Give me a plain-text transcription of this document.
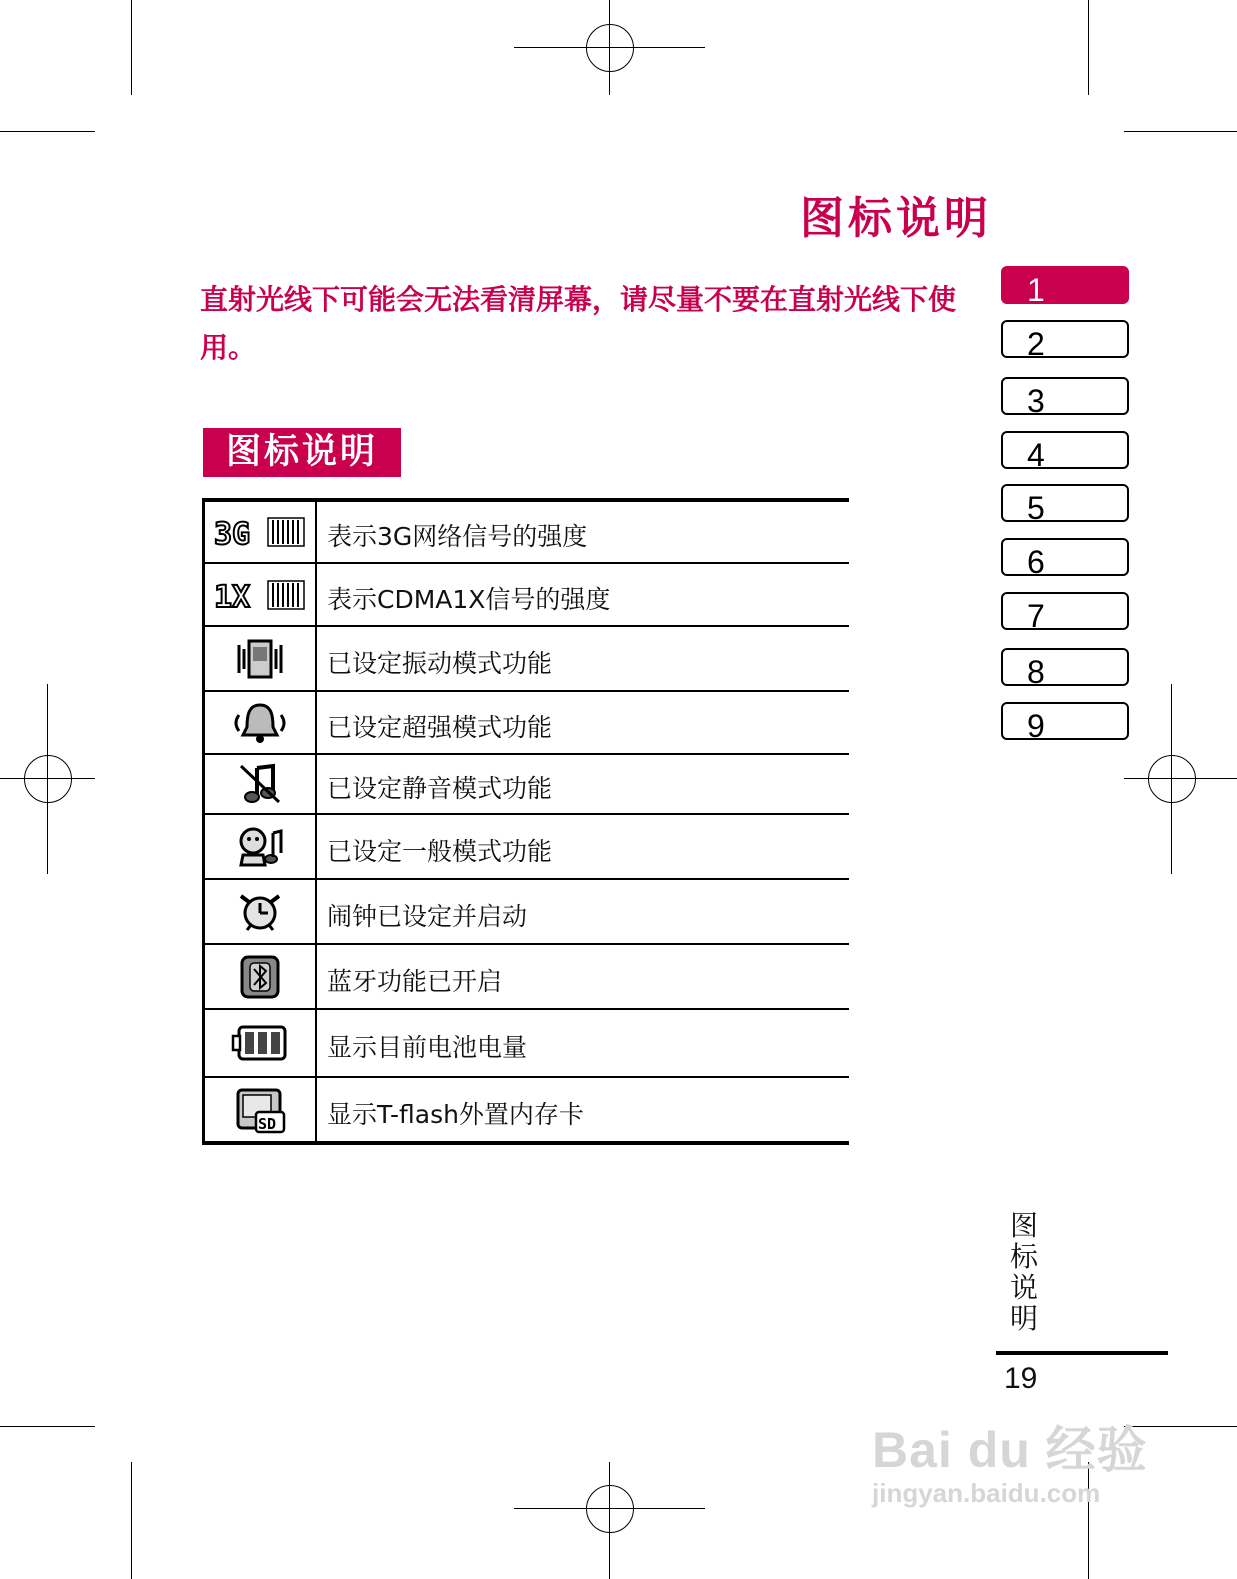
图标说明
直射光线下可能会无法看清屏幕，请尽量不要在直射光线下使用。
图标说明
3G	表示3G网络信号的强度
1X	表示CDMA1X信号的强度
已设定振动模式功能
已设定超强模式功能
已设定静音模式功能
已设定一般模式功能
闹钟已设定并启动
蓝牙功能已开启
显示目前电池电量
SD	显示T-flash外置内存卡
1
2
3
4
5
6
7
8
9
图标说明
19
Bai du 经验
jingyan.baidu.com
